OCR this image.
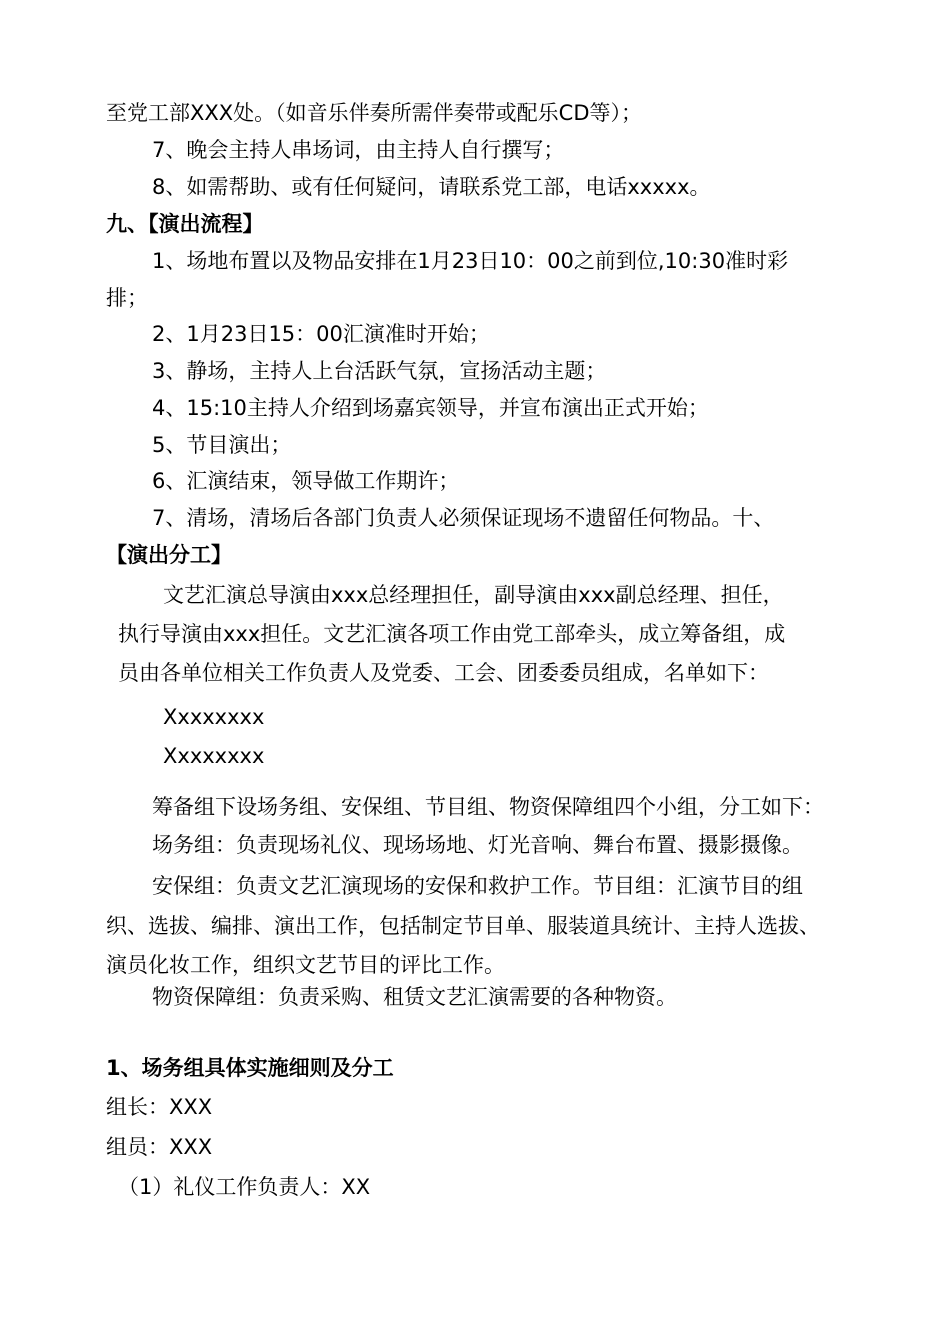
至党工部XXX处。（如音乐伴奏所需伴奏带或配乐CD等）；
7、晚会主持人串场词，由主持人自行撰写；
8、如需帮助、或有任何疑问，请联系党工部，电话xxxxx。
九、【演出流程】
1、场地布置以及物品安排在1月23日10：00之前到位,10:30准时彩
排；
2、1月23日15：00汇演准时开始；
3、静场，主持人上台活跃气氛，宣扬活动主题；
4、15:10主持人介绍到场嘉宾领导，并宣布演出正式开始；
5、节目演出；
6、汇演结束，领导做工作期许；
7、清场，清场后各部门负责人必须保证现场不遗留任何物品。十、
【演出分工】
文艺汇演总导演由xxx总经理担任，副导演由xxx副总经理、担任，
执行导演由xxx担任。文艺汇演各项工作由党工部牵头，成立筹备组，成
员由各单位相关工作负责人及党委、工会、团委委员组成，名单如下：
Xxxxxxxx
Xxxxxxxx
筹备组下设场务组、安保组、节目组、物资保障组四个小组，分工如下：
场务组：负责现场礼仪、现场场地、灯光音响、舞台布置、摄影摄像。
安保组：负责文艺汇演现场的安保和救护工作。节目组：汇演节目的组
织、选拔、编排、演出工作，包括制定节目单、服装道具统计、主持人选拔、
演员化妆工作，组织文艺节目的评比工作。
物资保障组：负责采购、租赁文艺汇演需要的各种物资。
1、场务组具体实施细则及分工
组长：XXX
组员：XXX
（1）礼仪工作负责人：XX
